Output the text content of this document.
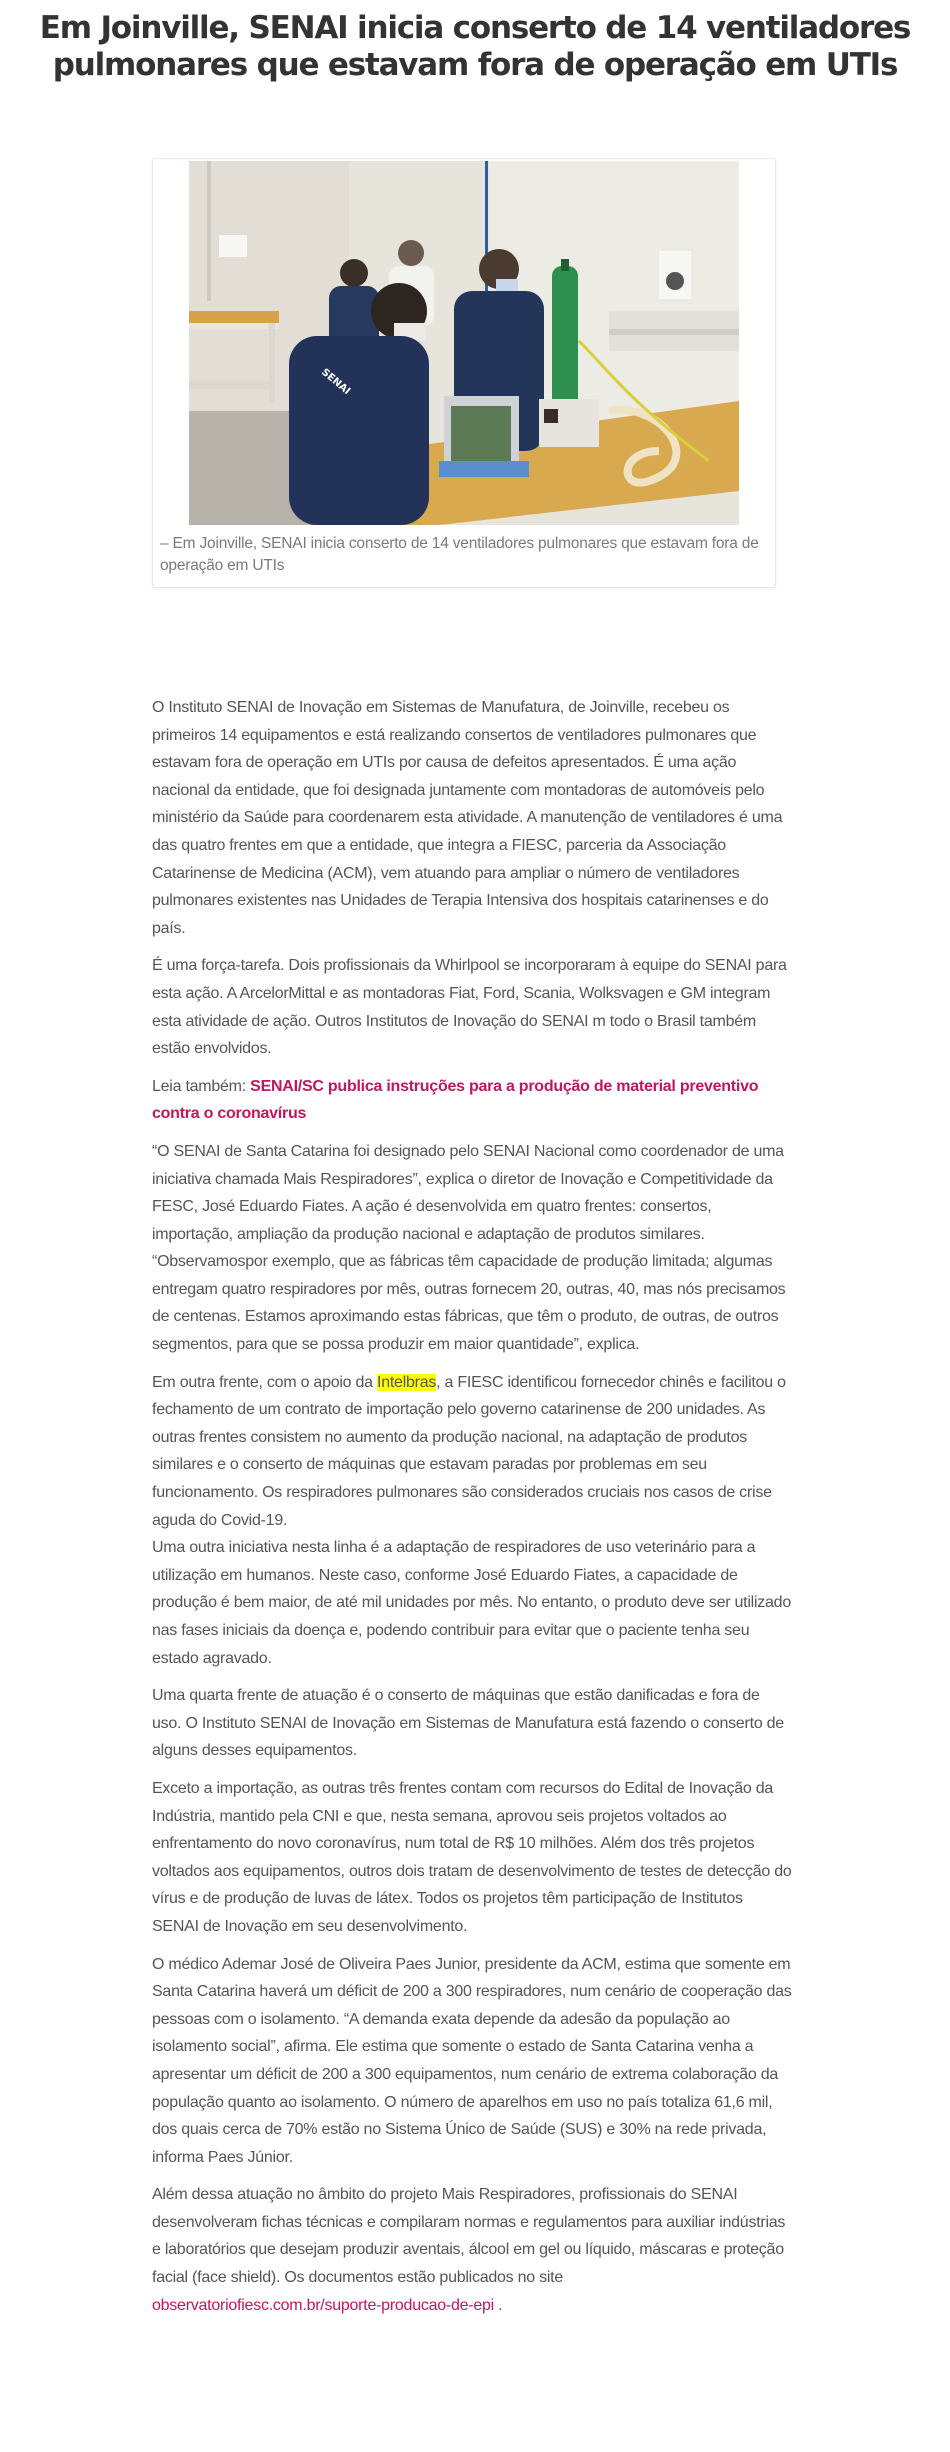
Em Joinville, SENAI inicia conserto de 14 ventiladores pulmonares que estavam fora de operação em UTIs
SENAI
– Em Joinville, SENAI inicia conserto de 14 ventiladores pulmonares que estavam fora de operação em UTIs

O Instituto SENAI de Inovação em Sistemas de Manufatura, de Joinville, recebeu os primeiros 14 equipamentos e está realizando consertos de ventiladores pulmonares que estavam fora de operação em UTIs por causa de defeitos apresentados. É uma ação nacional da entidade, que foi designada juntamente com montadoras de automóveis pelo ministério da Saúde para coordenarem esta atividade. A manutenção de ventiladores é uma das quatro frentes em que a entidade, que integra a FIESC, parceria da Associação Catarinense de Medicina (ACM), vem atuando para ampliar o número de ventiladores pulmonares existentes nas Unidades de Terapia Intensiva dos hospitais catarinenses e do país.

É uma força-tarefa. Dois profissionais da Whirlpool se incorporaram à equipe do SENAI para esta ação. A ArcelorMittal e as montadoras Fiat, Ford, Scania, Wolksvagen e GM integram esta atividade de ação. Outros Institutos de Inovação do SENAI m todo o Brasil também estão envolvidos.

Leia também: SENAI/SC publica instruções para a produção de material preventivo contra o coronavírus

“O SENAI de Santa Catarina foi designado pelo SENAI Nacional como coordenador de uma iniciativa chamada Mais Respiradores”, explica o diretor de Inovação e Competitividade da FESC, José Eduardo Fiates. A ação é desenvolvida em quatro frentes: consertos, importação, ampliação da produção nacional e adaptação de produtos similares. “Observamospor exemplo, que as fábricas têm capacidade de produção limitada; algumas entregam quatro respiradores por mês, outras fornecem 20, outras, 40, mas nós precisamos de centenas. Estamos aproximando estas fábricas, que têm o produto, de outras, de outros segmentos, para que se possa produzir em maior quantidade”, explica.

Em outra frente, com o apoio da Intelbras, a FIESC identificou fornecedor chinês e facilitou o fechamento de um contrato de importação pelo governo catarinense de 200 unidades. As outras frentes consistem no aumento da produção nacional, na adaptação de produtos similares e o conserto de máquinas que estavam paradas por problemas em seu funcionamento. Os respiradores pulmonares são considerados cruciais nos casos de crise aguda do Covid-19.
Uma outra iniciativa nesta linha é a adaptação de respiradores de uso veterinário para a utilização em humanos. Neste caso, conforme José Eduardo Fiates, a capacidade de produção é bem maior, de até mil unidades por mês. No entanto, o produto deve ser utilizado nas fases iniciais da doença e, podendo contribuir para evitar que o paciente tenha seu estado agravado.

Uma quarta frente de atuação é o conserto de máquinas que estão danificadas e fora de uso. O Instituto SENAI de Inovação em Sistemas de Manufatura está fazendo o conserto de alguns desses equipamentos.

Exceto a importação, as outras três frentes contam com recursos do Edital de Inovação da Indústria, mantido pela CNI e que, nesta semana, aprovou seis projetos voltados ao enfrentamento do novo coronavírus, num total de R$ 10 milhões. Além dos três projetos voltados aos equipamentos, outros dois tratam de desenvolvimento de testes de detecção do vírus e de produção de luvas de látex. Todos os projetos têm participação de Institutos SENAI de Inovação em seu desenvolvimento.

O médico Ademar José de Oliveira Paes Junior, presidente da ACM, estima que somente em Santa Catarina haverá um déficit de 200 a 300 respiradores, num cenário de cooperação das pessoas com o isolamento. “A demanda exata depende da adesão da população ao isolamento social”, afirma. Ele estima que somente o estado de Santa Catarina venha a apresentar um déficit de 200 a 300 equipamentos, num cenário de extrema colaboração da população quanto ao isolamento. O número de aparelhos em uso no país totaliza 61,6 mil, dos quais cerca de 70% estão no Sistema Único de Saúde (SUS) e 30% na rede privada, informa Paes Júnior.

Além dessa atuação no âmbito do projeto Mais Respiradores, profissionais do SENAI desenvolveram fichas técnicas e compilaram normas e regulamentos para auxiliar indústrias e laboratórios que desejam produzir aventais, álcool em gel ou líquido, máscaras e proteção facial (face shield). Os documentos estão publicados no site observatoriofiesc.com.br/suporte-producao-de-epi .
